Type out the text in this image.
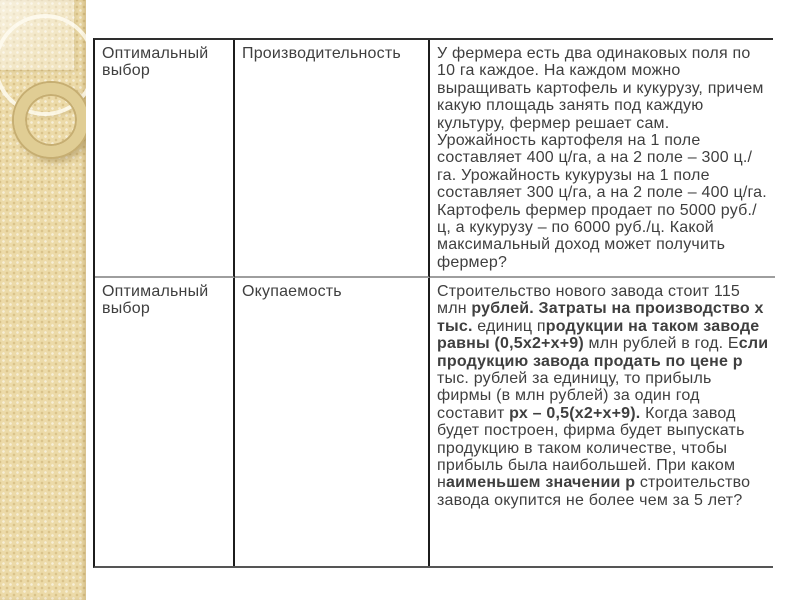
Оптимальный выбор
Производительность	У фермера есть два одинаковых поля по 10 га каждое. На каждом можно выращивать картофель и кукурузу, причем какую площадь занять под каждую культуру, фермер решает сам. Урожайность картофеля на 1 поле составляет 400 ц/га, а на 2 поле – 300 ц./га. Урожайность кукурузы на 1 поле составляет 300 ц/га, а на 2 поле – 400 ц/га. Картофель фермер продает по 5000 руб./ц, а кукурузу – по 6000 руб./ц. Какой максимальный доход может получить фермер?
Оптимальный выбор
Окупаемость	Строительство нового завода стоит 115 млн рублей. Затраты на производство х тыс. единиц продукции на таком заводе равны (0,5х2+х+9) млн рублей в год. Если продукцию завода продать по цене р тыс. рублей за единицу, то прибыль фирмы (в млн рублей) за один год составит рх – 0,5(х2+х+9). Когда завод будет построен, фирма будет выпускать продукцию в таком количестве, чтобы прибыль была наибольшей. При каком наименьшем значении р строительство завода окупится не более чем за 5 лет?
